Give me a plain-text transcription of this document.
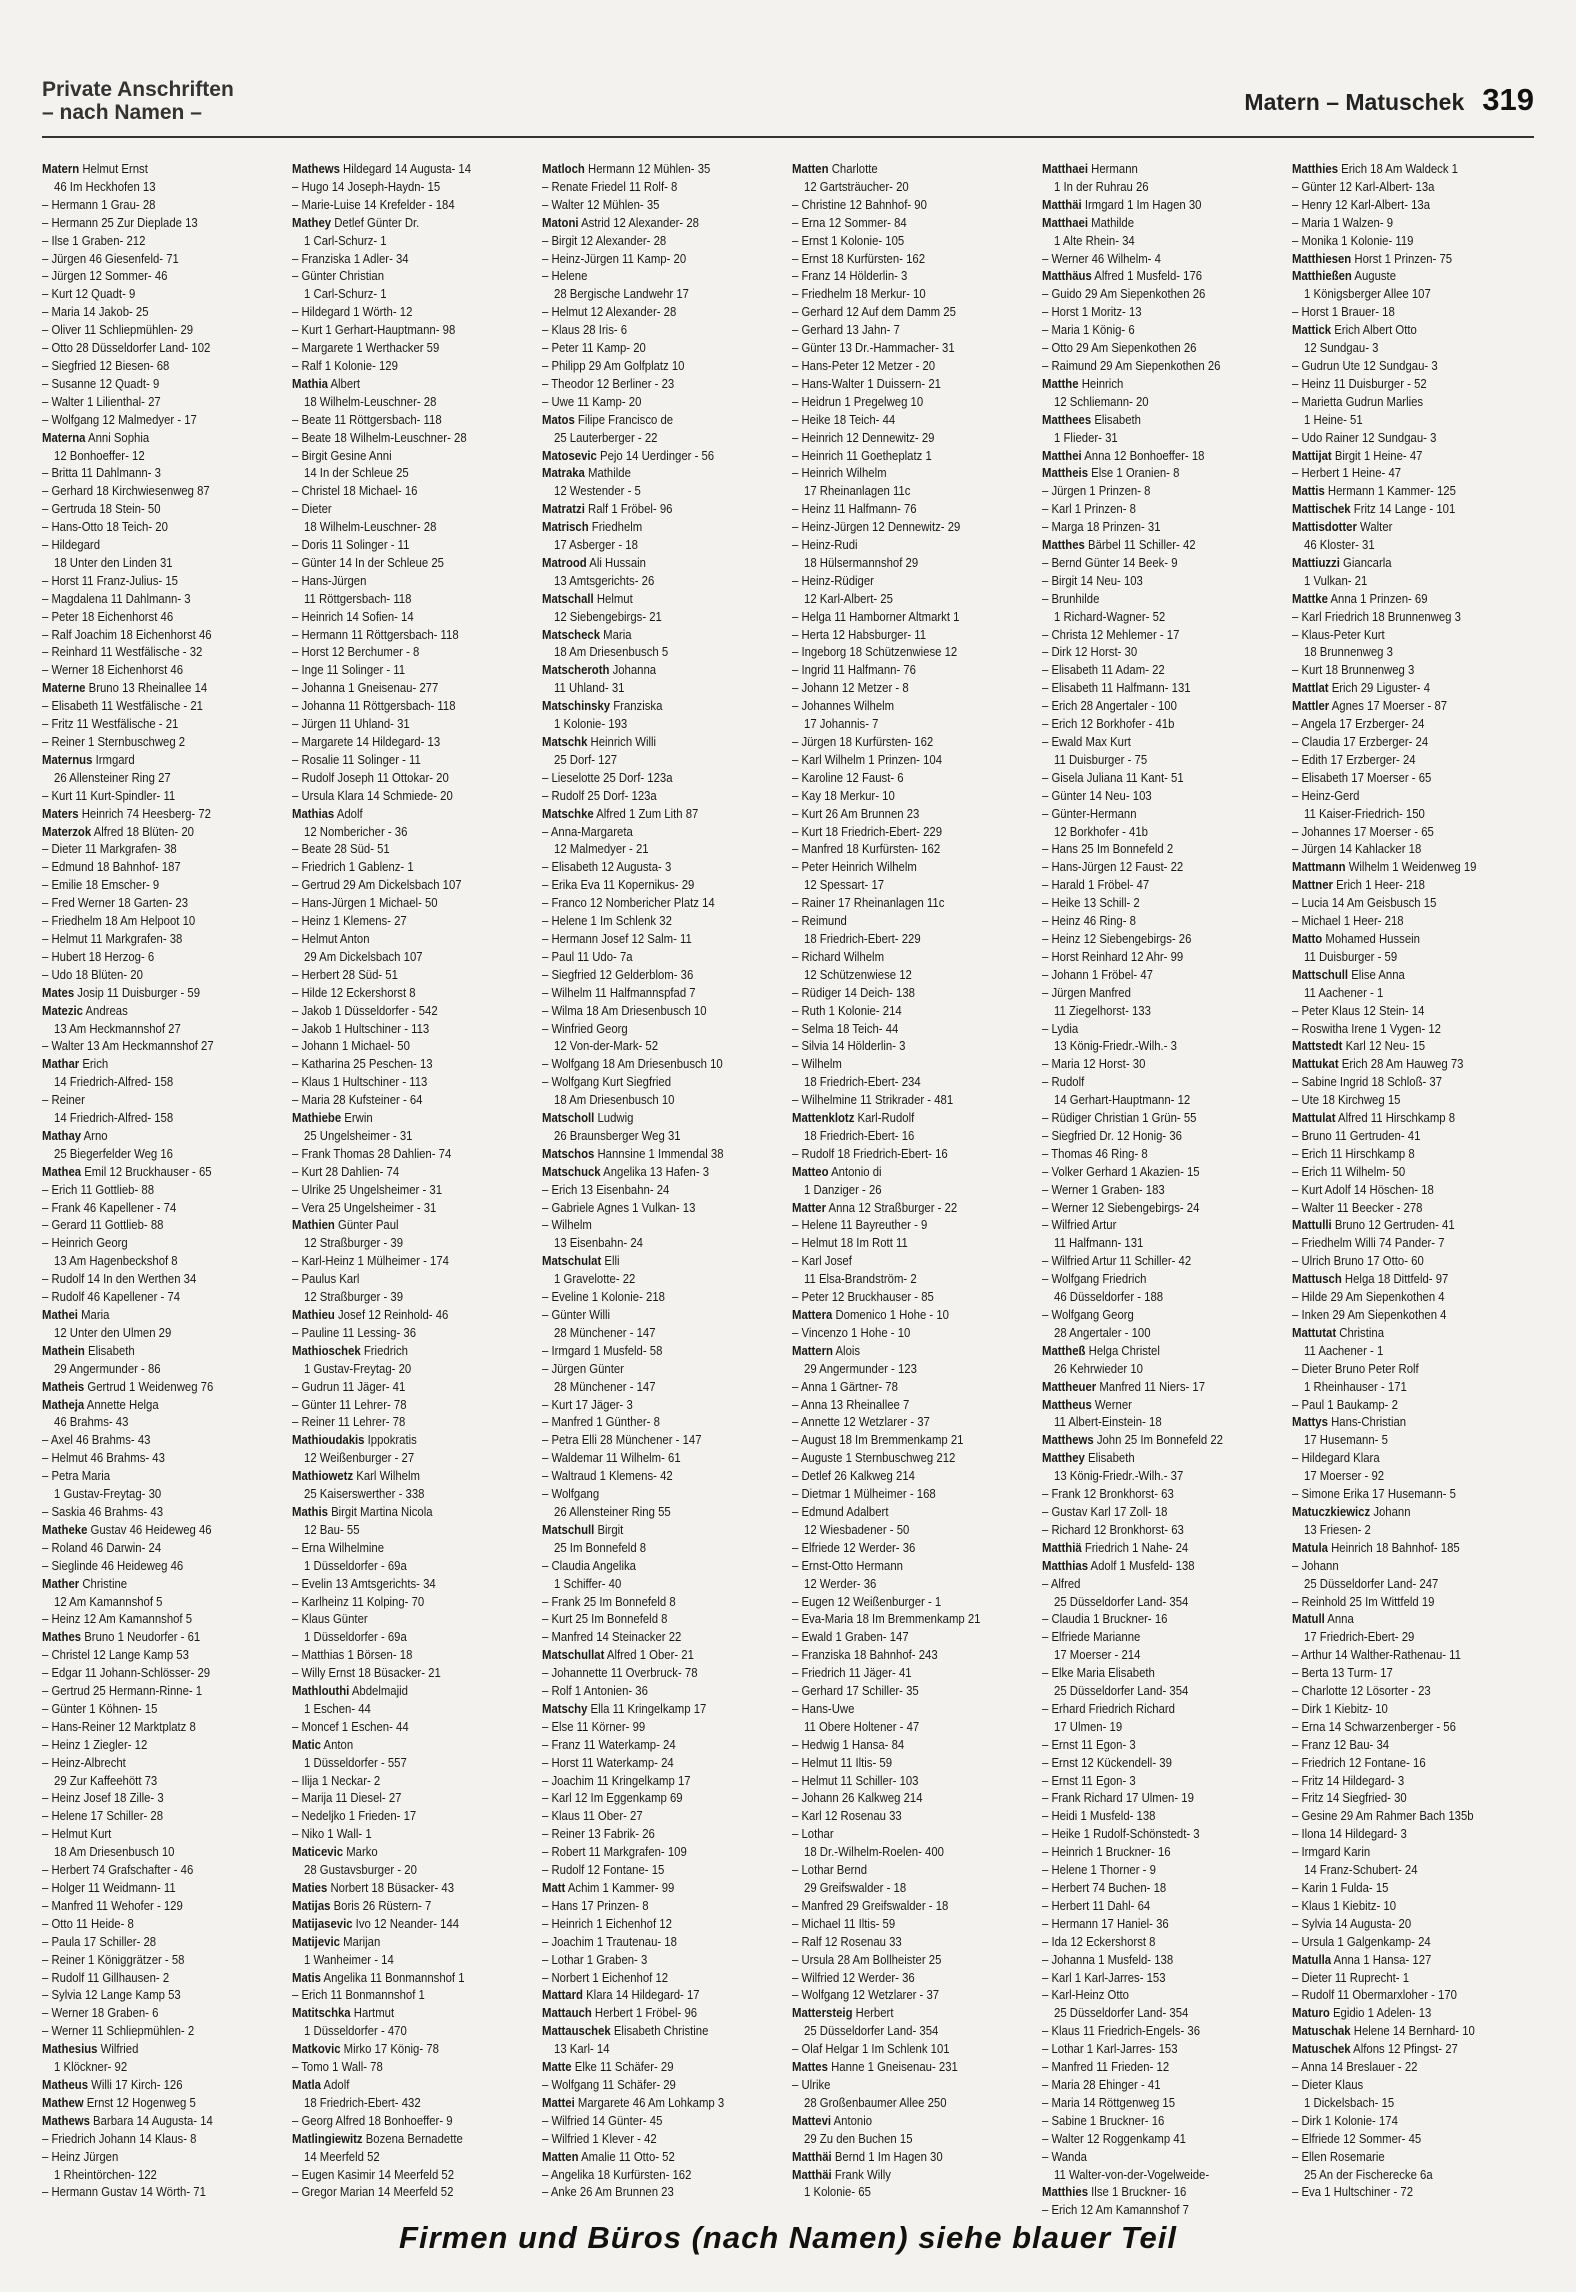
Private Anschriften
– nach Namen –	Matern – Matuschek 319
Matern Helmut Ernst
46 Im Heckhofen 13
– Hermann 1 Grau- 28
– Hermann 25 Zur Dieplade 13
– Ilse 1 Graben- 212
– Jürgen 46 Giesenfeld- 71
– Jürgen 12 Sommer- 46
– Kurt 12 Quadt- 9
– Maria 14 Jakob- 25
– Oliver 11 Schliepmühlen- 29
– Otto 28 Düsseldorfer Land- 102
– Siegfried 12 Biesen- 68
– Susanne 12 Quadt- 9
– Walter 1 Lilienthal- 27
– Wolfgang 12 Malmedyer - 17
Materna Anni Sophia
12 Bonhoeffer- 12
– Britta 11 Dahlmann- 3
– Gerhard 18 Kirchwiesenweg 87
– Gertruda 18 Stein- 50
– Hans-Otto 18 Teich- 20
– Hildegard
18 Unter den Linden 31
– Horst 11 Franz-Julius- 15
– Magdalena 11 Dahlmann- 3
– Peter 18 Eichenhorst 46
– Ralf Joachim 18 Eichenhorst 46
– Reinhard 11 Westfälische - 32
– Werner 18 Eichenhorst 46
Materne Bruno 13 Rheinallee 14
– Elisabeth 11 Westfälische - 21
– Fritz 11 Westfälische - 21
– Reiner 1 Sternbuschweg 2
Maternus Irmgard
26 Allensteiner Ring 27
– Kurt 11 Kurt-Spindler- 11
Maters Heinrich 74 Heesberg- 72
Materzok Alfred 18 Blüten- 20
– Dieter 11 Markgrafen- 38
– Edmund 18 Bahnhof- 187
– Emilie 18 Emscher- 9
– Fred Werner 18 Garten- 23
– Friedhelm 18 Am Helpoot 10
– Helmut 11 Markgrafen- 38
– Hubert 18 Herzog- 6
– Udo 18 Blüten- 20
Mates Josip 11 Duisburger - 59
Matezic Andreas
13 Am Heckmannshof 27
– Walter 13 Am Heckmannshof 27
Mathar Erich
14 Friedrich-Alfred- 158
– Reiner
14 Friedrich-Alfred- 158
Mathay Arno
25 Biegerfelder Weg 16
Mathea Emil 12 Bruckhauser - 65
– Erich 11 Gottlieb- 88
– Frank 46 Kapellener - 74
– Gerard 11 Gottlieb- 88
– Heinrich Georg
13 Am Hagenbeckshof 8
– Rudolf 14 In den Werthen 34
– Rudolf 46 Kapellener - 74
Mathei Maria
12 Unter den Ulmen 29
Mathein Elisabeth
29 Angermunder - 86
Matheis Gertrud 1 Weidenweg 76
Matheja Annette Helga
46 Brahms- 43
– Axel 46 Brahms- 43
– Helmut 46 Brahms- 43
– Petra Maria
1 Gustav-Freytag- 30
– Saskia 46 Brahms- 43
Matheke Gustav 46 Heideweg 46
– Roland 46 Darwin- 24
– Sieglinde 46 Heideweg 46
Mather Christine
12 Am Kamannshof 5
– Heinz 12 Am Kamannshof 5
Mathes Bruno 1 Neudorfer - 61
– Christel 12 Lange Kamp 53
– Edgar 11 Johann-Schlösser- 29
– Gertrud 25 Hermann-Rinne- 1
– Günter 1 Köhnen- 15
– Hans-Reiner 12 Marktplatz 8
– Heinz 1 Ziegler- 12
– Heinz-Albrecht
29 Zur Kaffeehött 73
– Heinz Josef 18 Zille- 3
– Helene 17 Schiller- 28
– Helmut Kurt
18 Am Driesenbusch 10
– Herbert 74 Grafschafter - 46
– Holger 11 Weidmann- 11
– Manfred 11 Wehofer - 129
– Otto 11 Heide- 8
– Paula 17 Schiller- 28
– Reiner 1 Königgrätzer - 58
– Rudolf 11 Gillhausen- 2
– Sylvia 12 Lange Kamp 53
– Werner 18 Graben- 6
– Werner 11 Schliepmühlen- 2
Mathesius Wilfried
1 Klöckner- 92
Matheus Willi 17 Kirch- 126
Mathew Ernst 12 Hogenweg 5
Mathews Barbara 14 Augusta- 14
– Friedrich Johann 14 Klaus- 8
– Heinz Jürgen
1 Rheintörchen- 122
– Hermann Gustav 14 Wörth- 71
Mathews Hildegard 14 Augusta- 14
– Hugo 14 Joseph-Haydn- 15
– Marie-Luise 14 Krefelder - 184
Mathey Detlef Günter Dr.
1 Carl-Schurz- 1
– Franziska 1 Adler- 34
– Günter Christian
1 Carl-Schurz- 1
– Hildegard 1 Wörth- 12
– Kurt 1 Gerhart-Hauptmann- 98
– Margarete 1 Werthacker 59
– Ralf 1 Kolonie- 129
Mathia Albert
18 Wilhelm-Leuschner- 28
– Beate 11 Röttgersbach- 118
– Beate 18 Wilhelm-Leuschner- 28
– Birgit Gesine Anni
14 In der Schleue 25
– Christel 18 Michael- 16
– Dieter
18 Wilhelm-Leuschner- 28
– Doris 11 Solinger - 11
– Günter 14 In der Schleue 25
– Hans-Jürgen
11 Röttgersbach- 118
– Heinrich 14 Sofien- 14
– Hermann 11 Röttgersbach- 118
– Horst 12 Berchumer - 8
– Inge 11 Solinger - 11
– Johanna 1 Gneisenau- 277
– Johanna 11 Röttgersbach- 118
– Jürgen 11 Uhland- 31
– Margarete 14 Hildegard- 13
– Rosalie 11 Solinger - 11
– Rudolf Joseph 11 Ottokar- 20
– Ursula Klara 14 Schmiede- 20
Mathias Adolf
12 Nombericher - 36
– Beate 28 Süd- 51
– Friedrich 1 Gablenz- 1
– Gertrud 29 Am Dickelsbach 107
– Hans-Jürgen 1 Michael- 50
– Heinz 1 Klemens- 27
– Helmut Anton
29 Am Dickelsbach 107
– Herbert 28 Süd- 51
– Hilde 12 Eckershorst 8
– Jakob 1 Düsseldorfer - 542
– Jakob 1 Hultschiner - 113
– Johann 1 Michael- 50
– Katharina 25 Peschen- 13
– Klaus 1 Hultschiner - 113
– Maria 28 Kufsteiner - 64
Mathiebe Erwin
25 Ungelsheimer - 31
– Frank Thomas 28 Dahlien- 74
– Kurt 28 Dahlien- 74
– Ulrike 25 Ungelsheimer - 31
– Vera 25 Ungelsheimer - 31
Mathien Günter Paul
12 Straßburger - 39
– Karl-Heinz 1 Mülheimer - 174
– Paulus Karl
12 Straßburger - 39
Mathieu Josef 12 Reinhold- 46
– Pauline 11 Lessing- 36
Mathioschek Friedrich
1 Gustav-Freytag- 20
– Gudrun 11 Jäger- 41
– Günter 11 Lehrer- 78
– Reiner 11 Lehrer- 78
Mathioudakis Ippokratis
12 Weißenburger - 27
Mathiowetz Karl Wilhelm
25 Kaiserswerther - 338
Mathis Birgit Martina Nicola
12 Bau- 55
– Erna Wilhelmine
1 Düsseldorfer - 69a
– Evelin 13 Amtsgerichts- 34
– Karlheinz 11 Kolping- 70
– Klaus Günter
1 Düsseldorfer - 69a
– Matthias 1 Börsen- 18
– Willy Ernst 18 Büsacker- 21
Mathlouthi Abdelmajid
1 Eschen- 44
– Moncef 1 Eschen- 44
Matic Anton
1 Düsseldorfer - 557
– Ilija 1 Neckar- 2
– Marija 11 Diesel- 27
– Nedeljko 1 Frieden- 17
– Niko 1 Wall- 1
Maticevic Marko
28 Gustavsburger - 20
Maties Norbert 18 Büsacker- 43
Matijas Boris 26 Rüstern- 7
Matijasevic Ivo 12 Neander- 144
Matijevic Marijan
1 Wanheimer - 14
Matis Angelika 11 Bonmannshof 1
– Erich 11 Bonmannshof 1
Matitschka Hartmut
1 Düsseldorfer - 470
Matkovic Mirko 17 König- 78
– Tomo 1 Wall- 78
Matla Adolf
18 Friedrich-Ebert- 432
– Georg Alfred 18 Bonhoeffer- 9
Matlingiewitz Bozena Bernadette
14 Meerfeld 52
– Eugen Kasimir 14 Meerfeld 52
– Gregor Marian 14 Meerfeld 52
Matloch Hermann 12 Mühlen- 35
– Renate Friedel 11 Rolf- 8
– Walter 12 Mühlen- 35
Matoni Astrid 12 Alexander- 28
– Birgit 12 Alexander- 28
– Heinz-Jürgen 11 Kamp- 20
– Helene
28 Bergische Landwehr 17
– Helmut 12 Alexander- 28
– Klaus 28 Iris- 6
– Peter 11 Kamp- 20
– Philipp 29 Am Golfplatz 10
– Theodor 12 Berliner - 23
– Uwe 11 Kamp- 20
Matos Filipe Francisco de
25 Lauterberger - 22
Matosevic Pejo 14 Uerdinger - 56
Matraka Mathilde
12 Westender - 5
Matratzi Ralf 1 Fröbel- 96
Matrisch Friedhelm
17 Asberger - 18
Matrood Ali Hussain
13 Amtsgerichts- 26
Matschall Helmut
12 Siebengebirgs- 21
Matscheck Maria
18 Am Driesenbusch 5
Matscheroth Johanna
11 Uhland- 31
Matschinsky Franziska
1 Kolonie- 193
Matschk Heinrich Willi
25 Dorf- 127
– Lieselotte 25 Dorf- 123a
– Rudolf 25 Dorf- 123a
Matschke Alfred 1 Zum Lith 87
– Anna-Margareta
12 Malmedyer - 21
– Elisabeth 12 Augusta- 3
– Erika Eva 11 Kopernikus- 29
– Franco 12 Nombericher Platz 14
– Helene 1 Im Schlenk 32
– Hermann Josef 12 Salm- 11
– Paul 11 Udo- 7a
– Siegfried 12 Gelderblom- 36
– Wilhelm 11 Halfmannspfad 7
– Wilma 18 Am Driesenbusch 10
– Winfried Georg
12 Von-der-Mark- 52
– Wolfgang 18 Am Driesenbusch 10
– Wolfgang Kurt Siegfried
18 Am Driesenbusch 10
Matscholl Ludwig
26 Braunsberger Weg 31
Matschos Hannsine 1 Immendal 38
Matschuck Angelika 13 Hafen- 3
– Erich 13 Eisenbahn- 24
– Gabriele Agnes 1 Vulkan- 13
– Wilhelm
13 Eisenbahn- 24
Matschulat Elli
1 Gravelotte- 22
– Eveline 1 Kolonie- 218
– Günter Willi
28 Münchener - 147
– Irmgard 1 Musfeld- 58
– Jürgen Günter
28 Münchener - 147
– Kurt 17 Jäger- 3
– Manfred 1 Günther- 8
– Petra Elli 28 Münchener - 147
– Waldemar 11 Wilhelm- 61
– Waltraud 1 Klemens- 42
– Wolfgang
26 Allensteiner Ring 55
Matschull Birgit
25 Im Bonnefeld 8
– Claudia Angelika
1 Schiffer- 40
– Frank 25 Im Bonnefeld 8
– Kurt 25 Im Bonnefeld 8
– Manfred 14 Steinacker 22
Matschullat Alfred 1 Ober- 21
– Johannette 11 Overbruck- 78
– Rolf 1 Antonien- 36
Matschy Ella 11 Kringelkamp 17
– Else 11 Körner- 99
– Franz 11 Waterkamp- 24
– Horst 11 Waterkamp- 24
– Joachim 11 Kringelkamp 17
– Karl 12 Im Eggenkamp 69
– Klaus 11 Ober- 27
– Reiner 13 Fabrik- 26
– Robert 11 Markgrafen- 109
– Rudolf 12 Fontane- 15
Matt Achim 1 Kammer- 99
– Hans 17 Prinzen- 8
– Heinrich 1 Eichenhof 12
– Joachim 1 Trautenau- 18
– Lothar 1 Graben- 3
– Norbert 1 Eichenhof 12
Mattard Klara 14 Hildegard- 17
Mattauch Herbert 1 Fröbel- 96
Mattauschek Elisabeth Christine
13 Karl- 14
Matte Elke 11 Schäfer- 29
– Wolfgang 11 Schäfer- 29
Mattei Margarete 46 Am Lohkamp 3
– Wilfried 14 Günter- 45
– Wilfried 1 Klever - 42
Matten Amalie 11 Otto- 52
– Angelika 18 Kurfürsten- 162
– Anke 26 Am Brunnen 23
Matten Charlotte
12 Gartsträucher- 20
– Christine 12 Bahnhof- 90
– Erna 12 Sommer- 84
– Ernst 1 Kolonie- 105
– Ernst 18 Kurfürsten- 162
– Franz 14 Hölderlin- 3
– Friedhelm 18 Merkur- 10
– Gerhard 12 Auf dem Damm 25
– Gerhard 13 Jahn- 7
– Günter 13 Dr.-Hammacher- 31
– Hans-Peter 12 Metzer - 20
– Hans-Walter 1 Duissern- 21
– Heidrun 1 Pregelweg 10
– Heike 18 Teich- 44
– Heinrich 12 Dennewitz- 29
– Heinrich 11 Goetheplatz 1
– Heinrich Wilhelm
17 Rheinanlagen 11c
– Heinz 11 Halfmann- 76
– Heinz-Jürgen 12 Dennewitz- 29
– Heinz-Rudi
18 Hülsermannshof 29
– Heinz-Rüdiger
12 Karl-Albert- 25
– Helga 11 Hamborner Altmarkt 1
– Herta 12 Habsburger- 11
– Ingeborg 18 Schützenwiese 12
– Ingrid 11 Halfmann- 76
– Johann 12 Metzer - 8
– Johannes Wilhelm
17 Johannis- 7
– Jürgen 18 Kurfürsten- 162
– Karl Wilhelm 1 Prinzen- 104
– Karoline 12 Faust- 6
– Kay 18 Merkur- 10
– Kurt 26 Am Brunnen 23
– Kurt 18 Friedrich-Ebert- 229
– Manfred 18 Kurfürsten- 162
– Peter Heinrich Wilhelm
12 Spessart- 17
– Rainer 17 Rheinanlagen 11c
– Reimund
18 Friedrich-Ebert- 229
– Richard Wilhelm
12 Schützenwiese 12
– Rüdiger 14 Deich- 138
– Ruth 1 Kolonie- 214
– Selma 18 Teich- 44
– Silvia 14 Hölderlin- 3
– Wilhelm
18 Friedrich-Ebert- 234
– Wilhelmine 11 Strikrader - 481
Mattenklotz Karl-Rudolf
18 Friedrich-Ebert- 16
– Rudolf 18 Friedrich-Ebert- 16
Matteo Antonio di
1 Danziger - 26
Matter Anna 12 Straßburger - 22
– Helene 11 Bayreuther - 9
– Helmut 18 Im Rott 11
– Karl Josef
11 Elsa-Brandström- 2
– Peter 12 Bruckhauser - 85
Mattera Domenico 1 Hohe - 10
– Vincenzo 1 Hohe - 10
Mattern Alois
29 Angermunder - 123
– Anna 1 Gärtner- 78
– Anna 13 Rheinallee 7
– Annette 12 Wetzlarer - 37
– August 18 Im Bremmenkamp 21
– Auguste 1 Sternbuschweg 212
– Detlef 26 Kalkweg 214
– Dietmar 1 Mülheimer - 168
– Edmund Adalbert
12 Wiesbadener - 50
– Elfriede 12 Werder- 36
– Ernst-Otto Hermann
12 Werder- 36
– Eugen 12 Weißenburger - 1
– Eva-Maria 18 Im Bremmenkamp 21
– Ewald 1 Graben- 147
– Franziska 18 Bahnhof- 243
– Friedrich 11 Jäger- 41
– Gerhard 17 Schiller- 35
– Hans-Uwe
11 Obere Holtener - 47
– Hedwig 1 Hansa- 84
– Helmut 11 Iltis- 59
– Helmut 11 Schiller- 103
– Johann 26 Kalkweg 214
– Karl 12 Rosenau 33
– Lothar
18 Dr.-Wilhelm-Roelen- 400
– Lothar Bernd
29 Greifswalder - 18
– Manfred 29 Greifswalder - 18
– Michael 11 Iltis- 59
– Ralf 12 Rosenau 33
– Ursula 28 Am Bollheister 25
– Wilfried 12 Werder- 36
– Wolfgang 12 Wetzlarer - 37
Mattersteig Herbert
25 Düsseldorfer Land- 354
– Olaf Helgar 1 Im Schlenk 101
Mattes Hanne 1 Gneisenau- 231
– Ulrike
28 Großenbaumer Allee 250
Mattevi Antonio
29 Zu den Buchen 15
Matthäi Bernd 1 Im Hagen 30
Matthäi Frank Willy
1 Kolonie- 65
Matthaei Hermann
1 In der Ruhrau 26
Matthäi Irmgard 1 Im Hagen 30
Matthaei Mathilde
1 Alte Rhein- 34
– Werner 46 Wilhelm- 4
Matthäus Alfred 1 Musfeld- 176
– Guido 29 Am Siepenkothen 26
– Horst 1 Moritz- 13
– Maria 1 König- 6
– Otto 29 Am Siepenkothen 26
– Raimund 29 Am Siepenkothen 26
Matthe Heinrich
12 Schliemann- 20
Matthees Elisabeth
1 Flieder- 31
Matthei Anna 12 Bonhoeffer- 18
Mattheis Else 1 Oranien- 8
– Jürgen 1 Prinzen- 8
– Karl 1 Prinzen- 8
– Marga 18 Prinzen- 31
Matthes Bärbel 11 Schiller- 42
– Bernd Günter 14 Beek- 9
– Birgit 14 Neu- 103
– Brunhilde
1 Richard-Wagner- 52
– Christa 12 Mehlemer - 17
– Dirk 12 Horst- 30
– Elisabeth 11 Adam- 22
– Elisabeth 11 Halfmann- 131
– Erich 28 Angertaler - 100
– Erich 12 Borkhofer - 41b
– Ewald Max Kurt
11 Duisburger - 75
– Gisela Juliana 11 Kant- 51
– Günter 14 Neu- 103
– Günter-Hermann
12 Borkhofer - 41b
– Hans 25 Im Bonnefeld 2
– Hans-Jürgen 12 Faust- 22
– Harald 1 Fröbel- 47
– Heike 13 Schill- 2
– Heinz 46 Ring- 8
– Heinz 12 Siebengebirgs- 26
– Horst Reinhard 12 Ahr- 99
– Johann 1 Fröbel- 47
– Jürgen Manfred
11 Ziegelhorst- 133
– Lydia
13 König-Friedr.-Wilh.- 3
– Maria 12 Horst- 30
– Rudolf
14 Gerhart-Hauptmann- 12
– Rüdiger Christian 1 Grün- 55
– Siegfried Dr. 12 Honig- 36
– Thomas 46 Ring- 8
– Volker Gerhard 1 Akazien- 15
– Werner 1 Graben- 183
– Werner 12 Siebengebirgs- 24
– Wilfried Artur
11 Halfmann- 131
– Wilfried Artur 11 Schiller- 42
– Wolfgang Friedrich
46 Düsseldorfer - 188
– Wolfgang Georg
28 Angertaler - 100
Mattheß Helga Christel
26 Kehrwieder 10
Mattheuer Manfred 11 Niers- 17
Mattheus Werner
11 Albert-Einstein- 18
Matthews John 25 Im Bonnefeld 22
Matthey Elisabeth
13 König-Friedr.-Wilh.- 37
– Frank 12 Bronkhorst- 63
– Gustav Karl 17 Zoll- 18
– Richard 12 Bronkhorst- 63
Matthiä Friedrich 1 Nahe- 24
Matthias Adolf 1 Musfeld- 138
– Alfred
25 Düsseldorfer Land- 354
– Claudia 1 Bruckner- 16
– Elfriede Marianne
17 Moerser - 214
– Elke Maria Elisabeth
25 Düsseldorfer Land- 354
– Erhard Friedrich Richard
17 Ulmen- 19
– Ernst 11 Egon- 3
– Ernst 12 Kückendell- 39
– Ernst 11 Egon- 3
– Frank Richard 17 Ulmen- 19
– Heidi 1 Musfeld- 138
– Heike 1 Rudolf-Schönstedt- 3
– Heinrich 1 Bruckner- 16
– Helene 1 Thorner - 9
– Herbert 74 Buchen- 18
– Herbert 11 Dahl- 64
– Hermann 17 Haniel- 36
– Ida 12 Eckershorst 8
– Johanna 1 Musfeld- 138
– Karl 1 Karl-Jarres- 153
– Karl-Heinz Otto
25 Düsseldorfer Land- 354
– Klaus 11 Friedrich-Engels- 36
– Lothar 1 Karl-Jarres- 153
– Manfred 11 Frieden- 12
– Maria 28 Ehinger - 41
– Maria 14 Röttgenweg 15
– Sabine 1 Bruckner- 16
– Walter 12 Roggenkamp 41
– Wanda
11 Walter-von-der-Vogelweide-
Matthies Ilse 1 Bruckner- 16
– Erich 12 Am Kamannshof 7
Matthies Erich 18 Am Waldeck 1
– Günter 12 Karl-Albert- 13a
– Henry 12 Karl-Albert- 13a
– Maria 1 Walzen- 9
– Monika 1 Kolonie- 119
Matthiesen Horst 1 Prinzen- 75
Matthießen Auguste
1 Königsberger Allee 107
– Horst 1 Brauer- 18
Mattick Erich Albert Otto
12 Sundgau- 3
– Gudrun Ute 12 Sundgau- 3
– Heinz 11 Duisburger - 52
– Marietta Gudrun Marlies
1 Heine- 51
– Udo Rainer 12 Sundgau- 3
Mattijat Birgit 1 Heine- 47
– Herbert 1 Heine- 47
Mattis Hermann 1 Kammer- 125
Mattischek Fritz 14 Lange - 101
Mattisdotter Walter
46 Kloster- 31
Mattiuzzi Giancarla
1 Vulkan- 21
Mattke Anna 1 Prinzen- 69
– Karl Friedrich 18 Brunnenweg 3
– Klaus-Peter Kurt
18 Brunnenweg 3
– Kurt 18 Brunnenweg 3
Mattlat Erich 29 Liguster- 4
Mattler Agnes 17 Moerser - 87
– Angela 17 Erzberger- 24
– Claudia 17 Erzberger- 24
– Edith 17 Erzberger- 24
– Elisabeth 17 Moerser - 65
– Heinz-Gerd
11 Kaiser-Friedrich- 150
– Johannes 17 Moerser - 65
– Jürgen 14 Kahlacker 18
Mattmann Wilhelm 1 Weidenweg 19
Mattner Erich 1 Heer- 218
– Lucia 14 Am Geisbusch 15
– Michael 1 Heer- 218
Matto Mohamed Hussein
11 Duisburger - 59
Mattschull Elise Anna
11 Aachener - 1
– Peter Klaus 12 Stein- 14
– Roswitha Irene 1 Vygen- 12
Mattstedt Karl 12 Neu- 15
Mattukat Erich 28 Am Hauweg 73
– Sabine Ingrid 18 Schloß- 37
– Ute 18 Kirchweg 15
Mattulat Alfred 11 Hirschkamp 8
– Bruno 11 Gertruden- 41
– Erich 11 Hirschkamp 8
– Erich 11 Wilhelm- 50
– Kurt Adolf 14 Höschen- 18
– Walter 11 Beecker - 278
Mattulli Bruno 12 Gertruden- 41
– Friedhelm Willi 74 Pander- 7
– Ulrich Bruno 17 Otto- 60
Mattusch Helga 18 Dittfeld- 97
– Hilde 29 Am Siepenkothen 4
– Inken 29 Am Siepenkothen 4
Mattutat Christina
11 Aachener - 1
– Dieter Bruno Peter Rolf
1 Rheinhauser - 171
– Paul 1 Baukamp- 2
Mattys Hans-Christian
17 Husemann- 5
– Hildegard Klara
17 Moerser - 92
– Simone Erika 17 Husemann- 5
Matuczkiewicz Johann
13 Friesen- 2
Matula Heinrich 18 Bahnhof- 185
– Johann
25 Düsseldorfer Land- 247
– Reinhold 25 Im Wittfeld 19
Matull Anna
17 Friedrich-Ebert- 29
– Arthur 14 Walther-Rathenau- 11
– Berta 13 Turm- 17
– Charlotte 12 Lösorter - 23
– Dirk 1 Kiebitz- 10
– Erna 14 Schwarzenberger - 56
– Franz 12 Bau- 34
– Friedrich 12 Fontane- 16
– Fritz 14 Hildegard- 3
– Fritz 14 Siegfried- 30
– Gesine 29 Am Rahmer Bach 135b
– Ilona 14 Hildegard- 3
– Irmgard Karin
14 Franz-Schubert- 24
– Karin 1 Fulda- 15
– Klaus 1 Kiebitz- 10
– Sylvia 14 Augusta- 20
– Ursula 1 Galgenkamp- 24
Matulla Anna 1 Hansa- 127
– Dieter 11 Ruprecht- 1
– Rudolf 11 Obermarxloher - 170
Maturo Egidio 1 Adelen- 13
Matuschak Helene 14 Bernhard- 10
Matuschek Alfons 12 Pfingst- 27
– Anna 14 Breslauer - 22
– Dieter Klaus
1 Dickelsbach- 15
– Dirk 1 Kolonie- 174
– Elfriede 12 Sommer- 45
– Ellen Rosemarie
25 An der Fischerecke 6a
– Eva 1 Hultschiner - 72
Firmen und Büros (nach Namen) siehe blauer Teil
